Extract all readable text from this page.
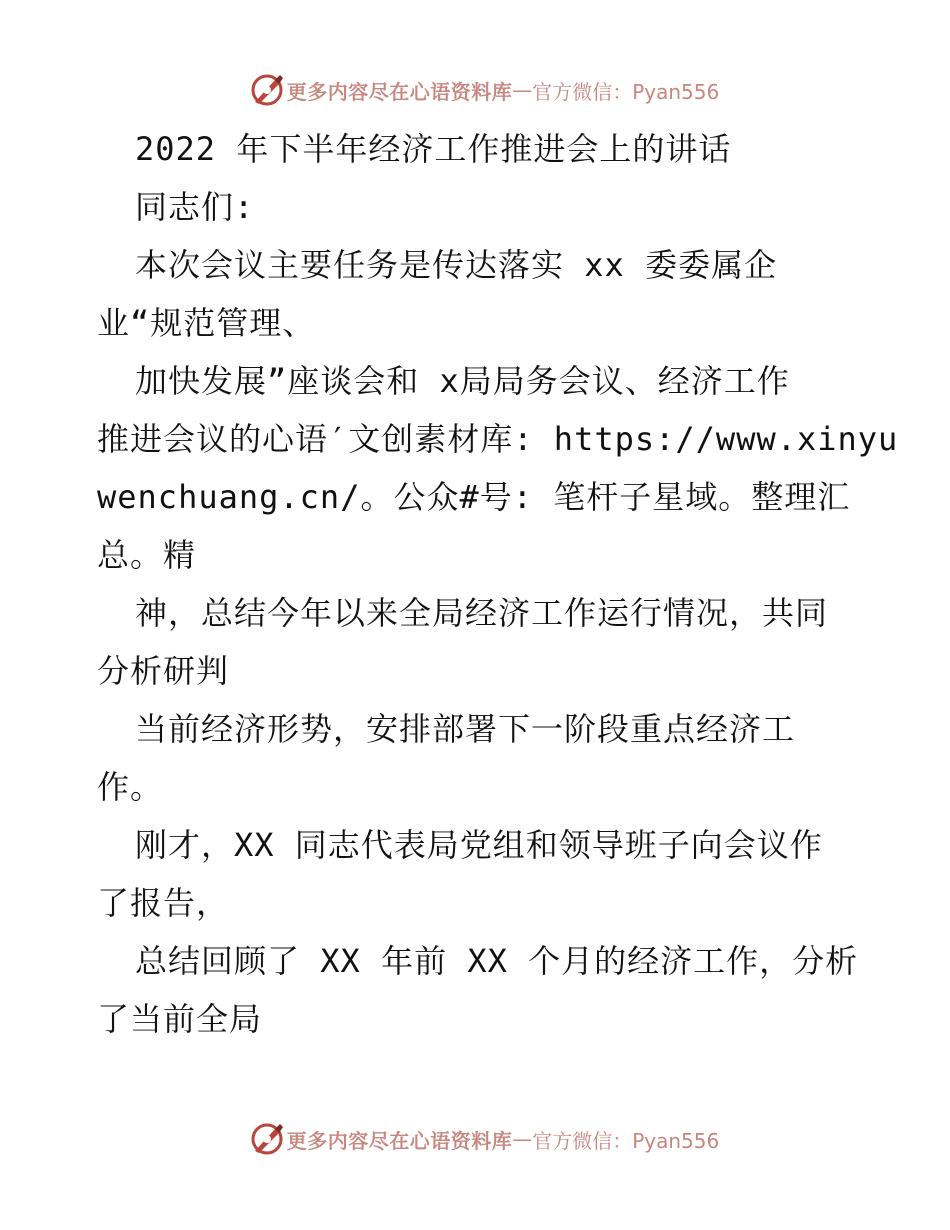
更多内容尽在心语资料库 — 官方微信：Pyan556
2022 年下半年经济工作推进会上的讲话
同志们:
本次会议主要任务是传达落实 xx 委委属企
业“规范管理、
加快发展”座谈会和 x局局务会议、经济工作
推进会议的心语′文创素材库: https://www.xinyu
wenchuang.cn/。公众#号: 笔杆子星域。整理汇
总。精
神，总结今年以来全局经济工作运行情况，共同
分析研判
当前经济形势，安排部署下一阶段重点经济工
作。
刚才，XX 同志代表局党组和领导班子向会议作
了报告，
总结回顾了 XX 年前 XX 个月的经济工作，分析
了当前全局
更多内容尽在心语资料库 — 官方微信：Pyan556
